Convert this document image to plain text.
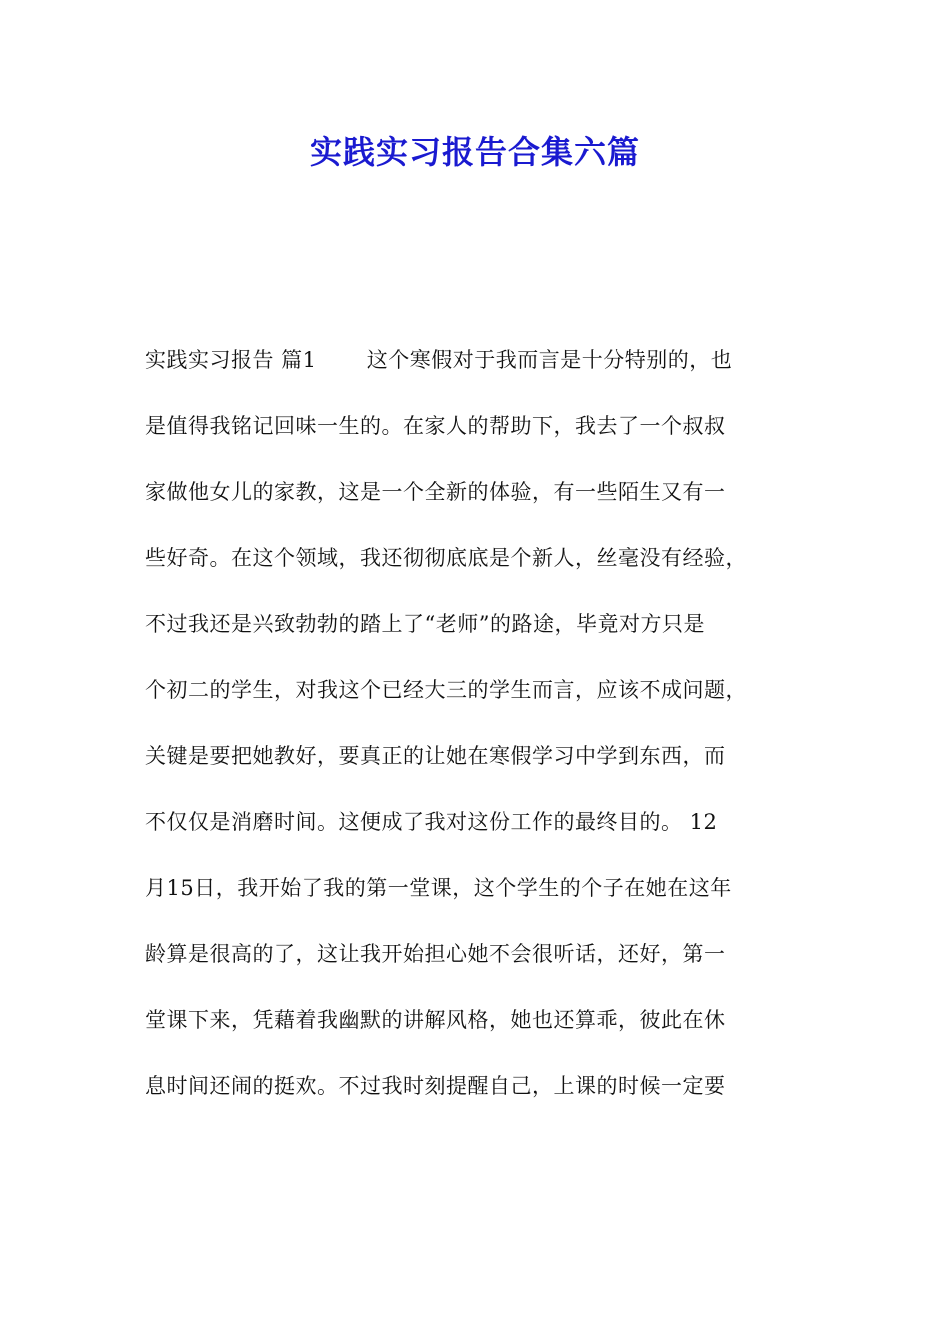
实践实习报告合集六篇
实践实习报告 篇1　　 这个寒假对于我而言是十分特别的，也
是值得我铭记回味一生的。在家人的帮助下，我去了一个叔叔
家做他女儿的家教，这是一个全新的体验，有一些陌生又有一
些好奇。在这个领域，我还彻彻底底是个新人，丝毫没有经验，
不过我还是兴致勃勃的踏上了“老师”的路途，毕竟对方只是
个初二的学生，对我这个已经大三的学生而言，应该不成问题，
关键是要把她教好，要真正的让她在寒假学习中学到东西，而
不仅仅是消磨时间。这便成了我对这份工作的最终目的。 12
月15日，我开始了我的第一堂课，这个学生的个子在她在这年
龄算是很高的了，这让我开始担心她不会很听话，还好，第一
堂课下来，凭藉着我幽默的讲解风格，她也还算乖，彼此在休
息时间还闹的挺欢。不过我时刻提醒自己，上课的时候一定要
